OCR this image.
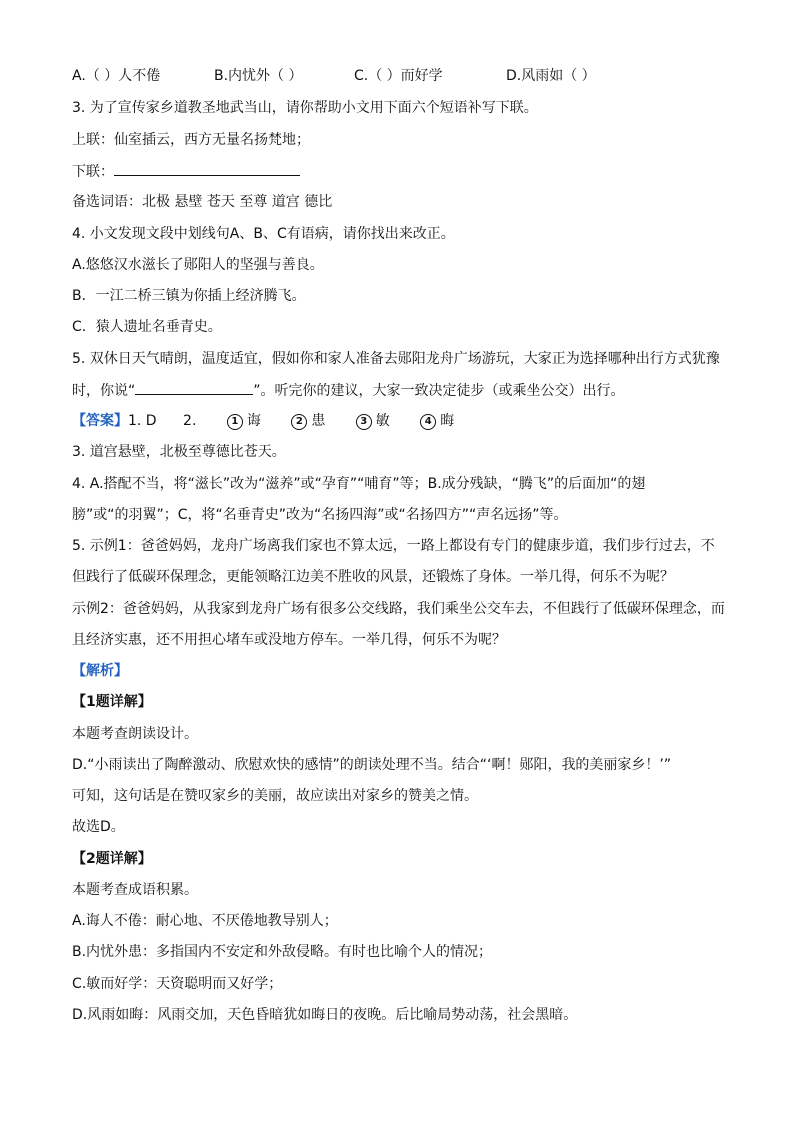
A.（ ）人不倦	B.内忧外（ ）	C.（ ）而好学	D.风雨如（ ）
3. 为了宣传家乡道教圣地武当山，请你帮助小文用下面六个短语补写下联。
上联：仙室插云，西方无量名扬梵地；
下联：
备选词语：北极 悬壁 苍天 至尊 道宫 德比
4. 小文发现文段中划线句A、B、C有语病，请你找出来改正。
A.悠悠汉水滋长了郧阳人的坚强与善良。
B．一江二桥三镇为你插上经济腾飞。
C．猿人遗址名垂青史。
5. 双休日天气晴朗，温度适宜，假如你和家人准备去郧阳龙舟广场游玩，大家正为选择哪种出行方式犹豫
时，你说“	”。听完你的建议，大家一致决定徒步（或乘坐公交）出行。
【答案】1. D 2.	1 诲	2 患	3 敏	4 晦
3. 道宫悬壁，北极至尊德比苍天。
4. A.搭配不当，将“滋长”改为“滋养”或“孕育”“哺育”等；B.成分残缺，“腾飞”的后面加“的翅
膀”或“的羽翼”；C，将“名垂青史”改为“名扬四海”或“名扬四方”“声名远扬”等。
5. 示例1：爸爸妈妈，龙舟广场离我们家也不算太远，一路上都设有专门的健康步道，我们步行过去，不
但践行了低碳环保理念，更能领略江边美不胜收的风景，还锻炼了身体。一举几得，何乐不为呢？
示例2：爸爸妈妈，从我家到龙舟广场有很多公交线路，我们乘坐公交车去，不但践行了低碳环保理念，而
且经济实惠，还不用担心堵车或没地方停车。一举几得，何乐不为呢？
【解析】
【1题详解】
本题考查朗读设计。
D.“小雨读出了陶醉激动、欣慰欢快的感情”的朗读处理不当。结合“‘啊！郧阳，我的美丽家乡！’”
可知，这句话是在赞叹家乡的美丽，故应读出对家乡的赞美之情。
故选D。
【2题详解】
本题考查成语积累。
A.诲人不倦：耐心地、不厌倦地教导别人；
B.内忧外患：多指国内不安定和外敌侵略。有时也比喻个人的情况；
C.敏而好学：天资聪明而又好学；
D.风雨如晦：风雨交加，天色昏暗犹如晦日的夜晚。后比喻局势动荡，社会黑暗。
